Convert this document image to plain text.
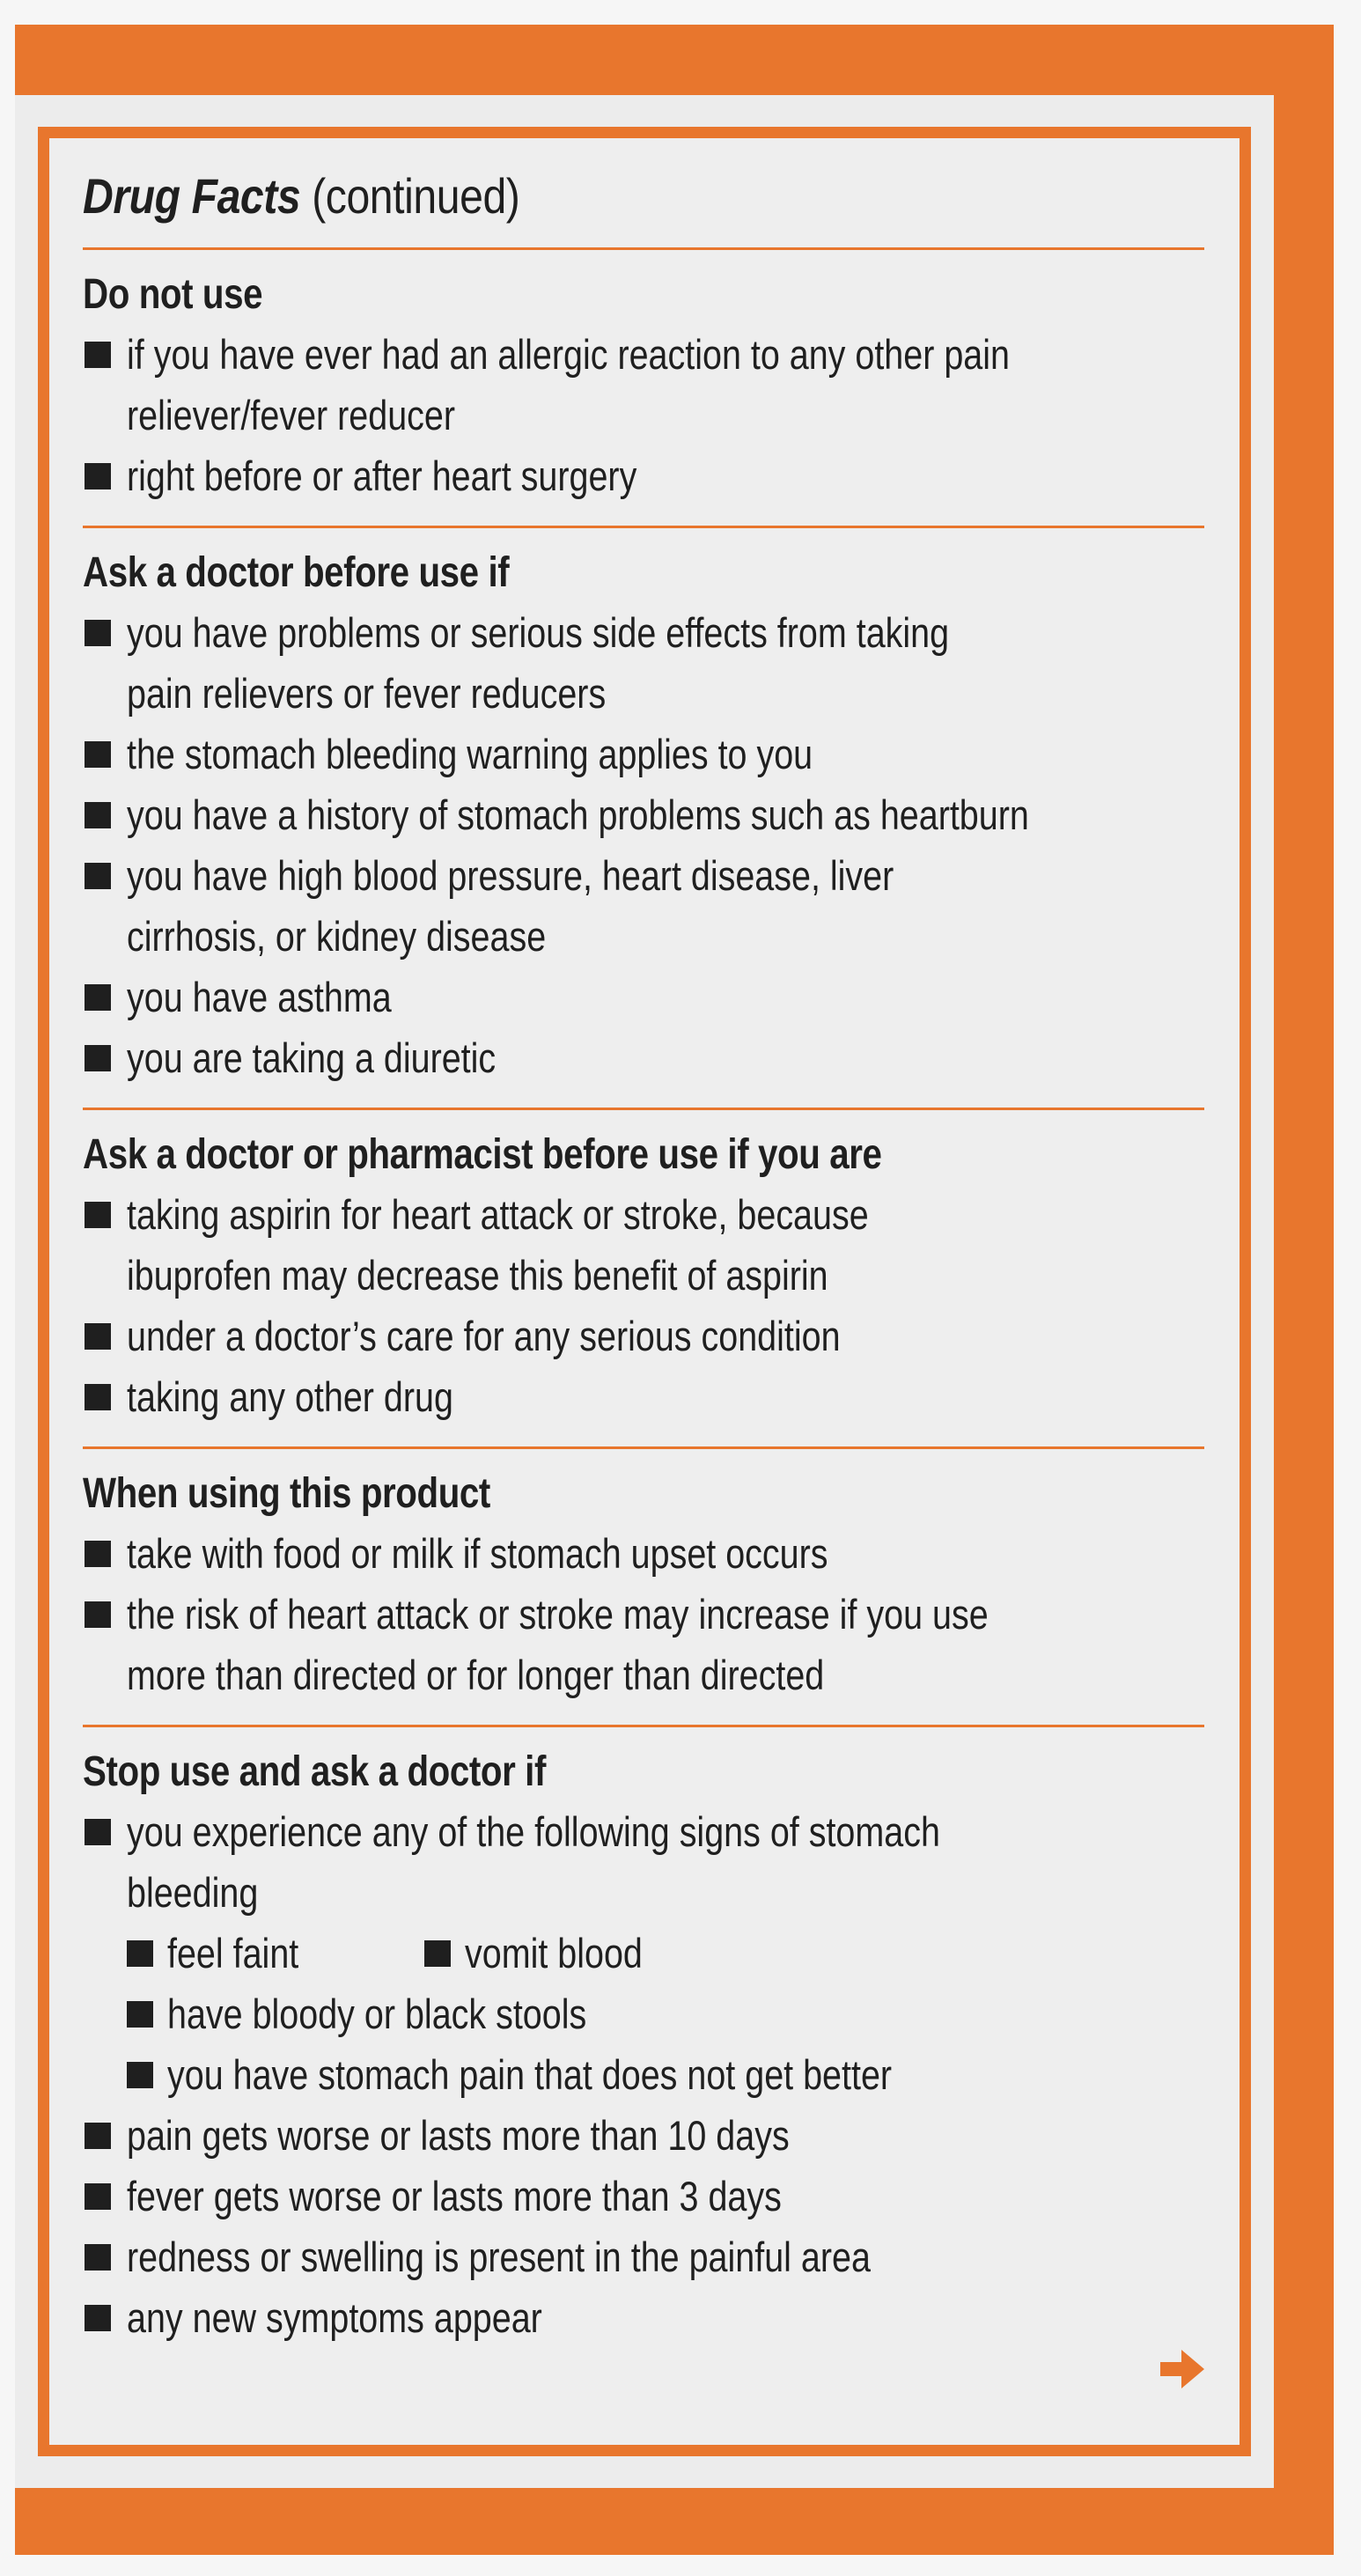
Drug Facts (continued)
Do not use
if you have ever had an allergic reaction to any other pain
reliever/fever reducer
right before or after heart surgery
Ask a doctor before use if
you have problems or serious side effects from taking
pain relievers or fever reducers
the stomach bleeding warning applies to you
you have a history of stomach problems such as heartburn
you have high blood pressure, heart disease, liver
cirrhosis, or kidney disease
you have asthma
you are taking a diuretic
Ask a doctor or pharmacist before use if you are
taking aspirin for heart attack or stroke, because
ibuprofen may decrease this benefit of aspirin
under a doctor’s care for any serious condition
taking any other drug
When using this product
take with food or milk if stomach upset occurs
the risk of heart attack or stroke may increase if you use
more than directed or for longer than directed
Stop use and ask a doctor if
you experience any of the following signs of stomach
bleeding
feel faint	vomit blood
have bloody or black stools
you have stomach pain that does not get better
pain gets worse or lasts more than 10 days
fever gets worse or lasts more than 3 days
redness or swelling is present in the painful area
any new symptoms appear
